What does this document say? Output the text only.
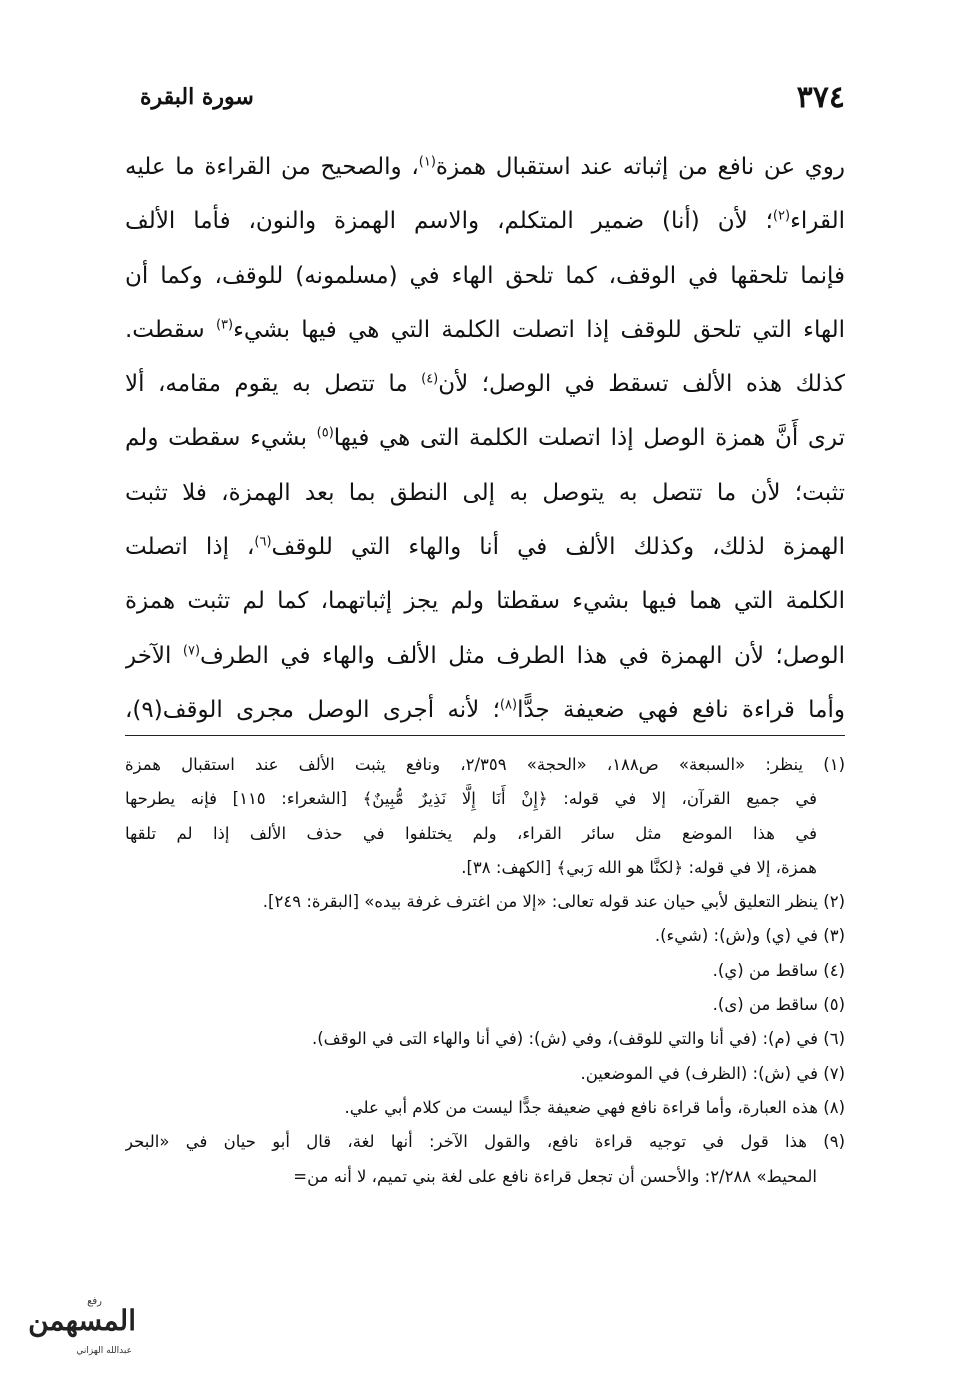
٣٧٤
سورة البقرة
روي عن نافع من إثباته عند استقبال همزة$^{(١)}$، والصحيح من القراءة ما عليه
القراء$^{(٢)}$؛ لأن (أنا) ضمير المتكلم، والاسم الهمزة والنون، فأما الألف
فإنما تلحقها في الوقف، كما تلحق الهاء في (مسلمونه) للوقف، وكما أن
الهاء التي تلحق للوقف إذا اتصلت الكلمة التي هي فيها بشيء$^{(٣)}$ سقطت.
كذلك هذه الألف تسقط في الوصل؛ لأن$^{(٤)}$ ما تتصل به يقوم مقامه، ألا
ترى أَنَّ همزة الوصل إذا اتصلت الكلمة التى هي فيها$^{(٥)}$ بشيء سقطت ولم
تثبت؛ لأن ما تتصل به يتوصل به إلى النطق بما بعد الهمزة، فلا تثبت
الهمزة لذلك، وكذلك الألف في أنا والهاء التي للوقف$^{(٦)}$، إذا اتصلت
الكلمة التي هما فيها بشيء سقطتا ولم يجز إثباتهما، كما لم تثبت همزة
الوصل؛ لأن الهمزة في هذا الطرف مثل الألف والهاء في الطرف$^{(٧)}$ الآخر
وأما قراءة نافع فهي ضعيفة جدًّا$^{(٨)}$؛ لأنه أجرى الوصل مجرى الوقف(٩)،
(١) ينظر: «السبعة» ص١٨٨، «الحجة» ٢/٣٥٩، ونافع يثبت الألف عند استقبال همزة
في جميع القرآن، إلا في قوله: ﴿إِنْ أَنَا إِلَّا نَذِيرٌ مُّبِينٌ﴾ [الشعراء: ١١٥] فإنه يطرحها
في هذا الموضع مثل سائر القراء، ولم يختلفوا في حذف الألف إذا لم تلقها
همزة، إلا في قوله: ﴿لكنَّا هو الله رَبي﴾ [الكهف: ٣٨].
(٢) ينظر التعليق لأبي حيان عند قوله تعالى: «إلا من اغترف غرفة بيده» [البقرة: ٢٤٩].
(٣) في (ي) و(ش): (شيء).
(٤) ساقط من (ي).
(٥) ساقط من (ى).
(٦) في (م): (في أنا والتي للوقف)، وفي (ش): (في أنا والهاء التى في الوقف).
(٧) في (ش): (الظرف) في الموضعين.
(٨) هذه العبارة، وأما قراءة نافع فهي ضعيفة جدًّا ليست من كلام أبي علي.
(٩) هذا قول في توجيه قراءة نافع، والقول الآخر: أنها لغة، قال أبو حيان في «البحر
المحيط» ٢/٢٨٨: والأحسن أن تجعل قراءة نافع على لغة بني تميم، لا أنه من=
رفع
المسهمن
عبدالله الهزاني
